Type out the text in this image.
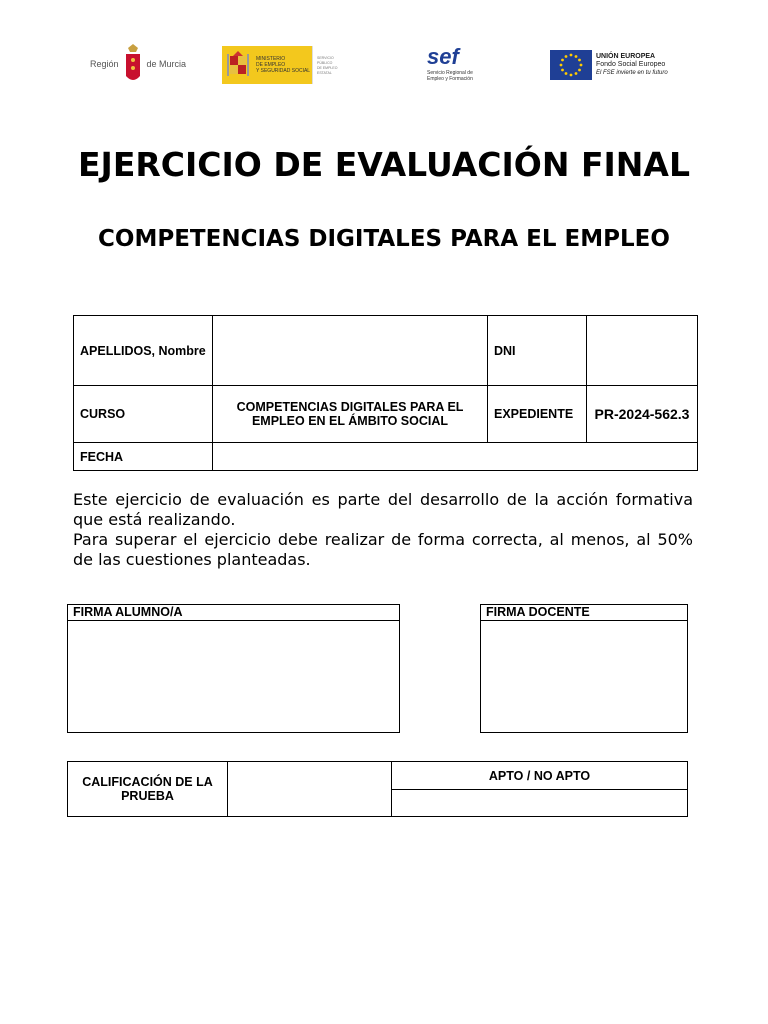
Región	de Murcia	MINISTERIO
DE EMPLEO
Y SEGURIDAD SOCIAL
SERVICIO PÚBLICO
DE EMPLEO ESTATAL
sef
Servicio Regional de
Empleo y Formación
UNIÓN EUROPEA
Fondo Social Europeo
El FSE invierte en tu futuro
EJERCICIO DE EVALUACIÓN FINAL
COMPETENCIAS DIGITALES PARA EL EMPLEO
APELLIDOS, Nombre		DNI	
CURSO	COMPETENCIAS DIGITALES PARA EL EMPLEO EN EL ÁMBITO SOCIAL	EXPEDIENTE	PR-2024-562.3
FECHA			

Este ejercicio de evaluación es parte del desarrollo de la acción formativa que está realizando.

Para superar el ejercicio debe realizar de forma correcta, al menos, al 50% de las cuestiones planteadas.

FIRMA ALUMNO/A	FIRMA DOCENTE
CALIFICACIÓN DE LA PRUEBA		APTO / NO APTO
